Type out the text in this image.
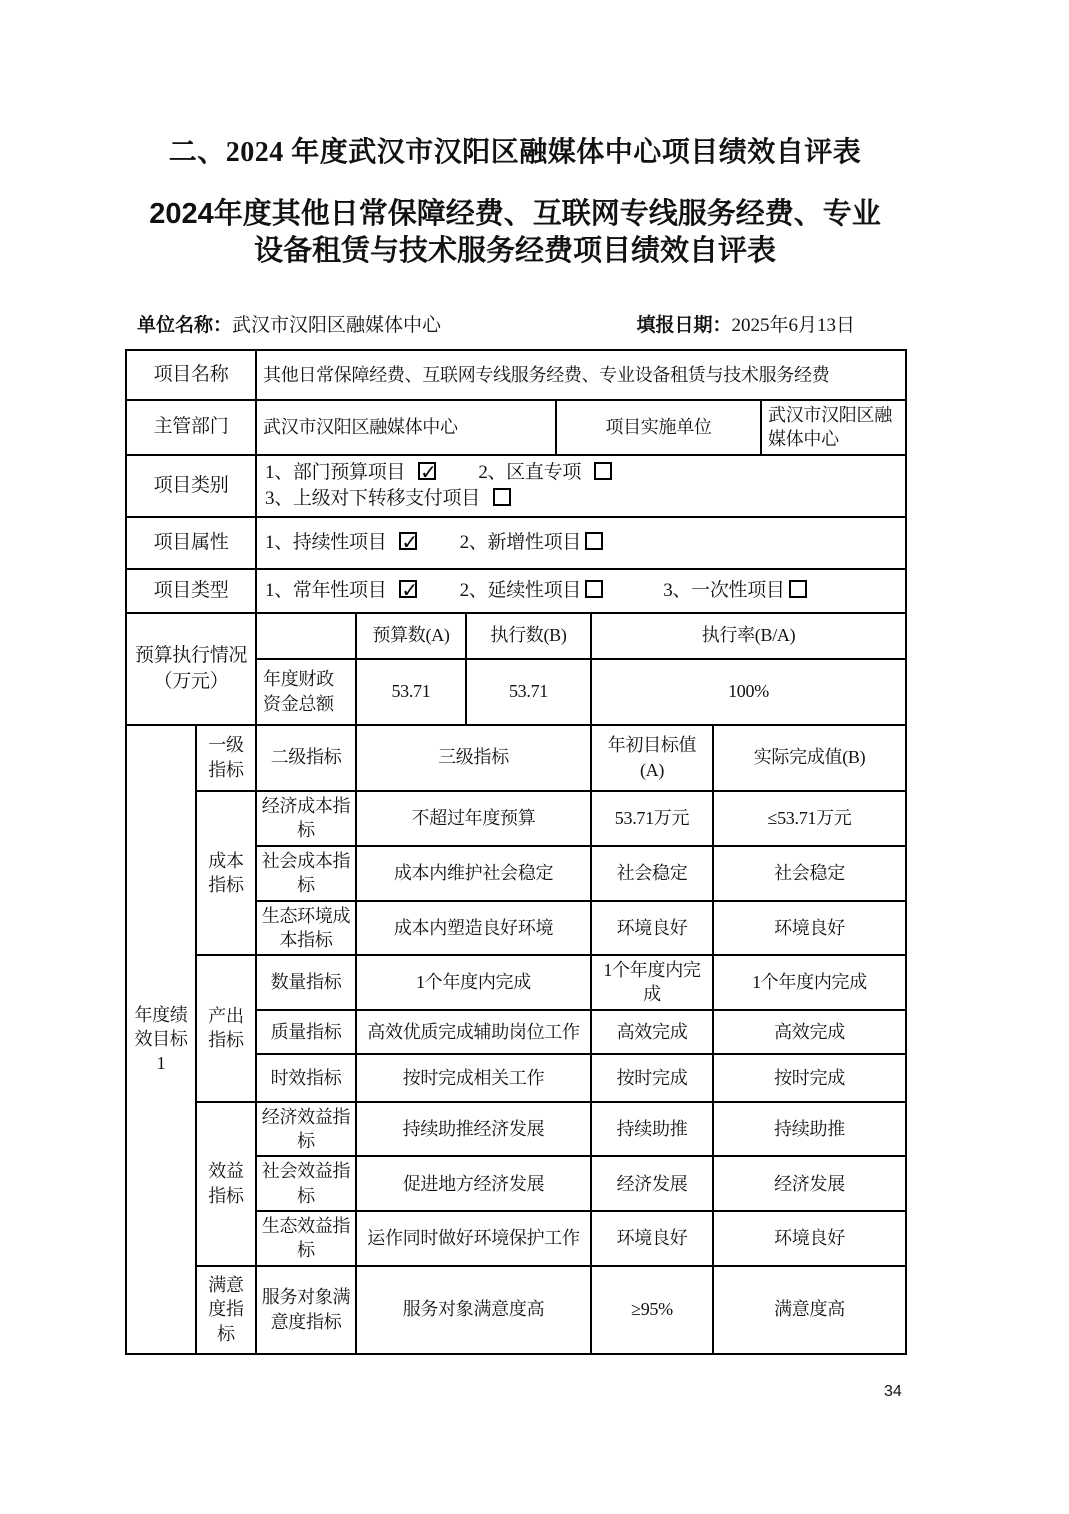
二、2024 年度武汉市汉阳区融媒体中心项目绩效自评表
2024年度其他日常保障经费、互联网专线服务经费、专业
设备租赁与技术服务经费项目绩效自评表
单位名称：武汉市汉阳区融媒体中心	填报日期：2025年6月13日
项目名称		其他日常保障经费、互联网专线服务经费、专业设备租赁与技术服务经费						
主管部门		武汉市汉阳区融媒体中心			项目实施单位			武汉市汉阳区融媒体中心
项目类别		1、部门预算项目 ✓ 2、区直专项 3、上级对下转移支付项目
项目属性		1、持续性项目 ✓ 2、新增性项目
项目类型		1、常年性项目 ✓ 2、延续性项目 3、一次性项目

预算执行情况
（万元）			预算数(A)	执行数(B)		执行率(B/A)		
		年度财政资金总额	53.71	53.71		100%		
年度绩效目标1	一级指标	二级指标	三级指标			年初目标值(A)	实际完成值(B)	
	成本指标	经济成本指标	不超过年度预算			53.71万元	≤53.71万元	
		社会成本指标	成本内维护社会稳定			社会稳定	社会稳定	
		生态环境成本指标	成本内塑造良好环境			环境良好	环境良好	
	产出指标	数量指标	1个年度内完成			1个年度内完成	1个年度内完成	
		质量指标	高效优质完成辅助岗位工作			高效完成	高效完成	
		时效指标	按时完成相关工作			按时完成	按时完成	
	效益指标	经济效益指标	持续助推经济发展			持续助推	持续助推	
		社会效益指标	促进地方经济发展			经济发展	经济发展	
		生态效益指标	运作同时做好环境保护工作			环境良好	环境良好	
	满意度指标	服务对象满意度指标	服务对象满意度高			≥95%	满意度高	
34
